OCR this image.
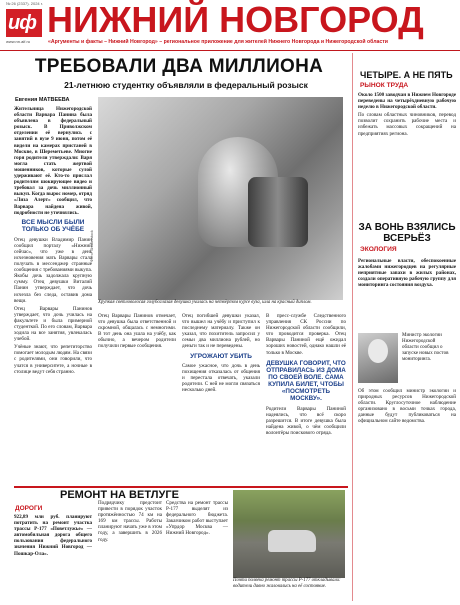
№ 26 (2337). 2024 г.
иф
www.nn.aif.ru
НИЖНИЙ НОВГОРОД
«Аргументы и факты – Нижний Новгород» – региональное приложение для жителей Нижнего Новгорода и Нижегородской области
ТРЕБОВАЛИ ДВА МИЛЛИОНА
21-летнюю студентку объявляли в федеральный розыск
Евгения МАТВЕЕВА
Жительница Нижегородской области Варвара Панина была объявлена в федеральный розыск. В Приволжском отделении её вернулись с занятий в вузе 9 июня, потом её видели на камерах пристаней в Москве, в Шереметьеве. Многие горя родители утверждали: Варя могла стать жертвой мошенников, которые сулой удерживают её. Кто-то прислал родителям шокирующее видео и требовал за дочь миллионный выкуп. Когда вырос номер, отряд «Лиза Алерт» сообщил, что Варвара найдена живой, подробности не уточнялись.
ВСЕ МЫСЛИ БЫЛИ ТОЛЬКО ОБ УЧЁБЕ
Отец девушки Владимир Панин сообщил порталу «Нижний сейчас», что уже в день исчезновения мать Варвары стала получать в мессенджер странные сообщения с требованиями выкупа. Якобы дочь задолжала крупную сумму. Отец девушки Виталий Панин утверждает, что дочь исчезла без следа, оставив дома вещи.
Отец Варвары Панинов утверждает, что дочь училась на факультете и была примерной студенткой. По его словам, Варвара ходила на все занятия, увлекалась учебой.
Учёные знают, что репетиторство помогает молодым людям. На связи с родителями, они говорили, что учатся в университете, а ночные в столице ведут себя странно.
Фото: Shutterstock
Хрупкая светловолосая голубоглазая девушка училась на четвёртом курсе вуза, шла на красный диплом.
Отец Варвары Панинов отмечает, что девушка была ответственной и скромной, общалась с немногими. В тот день она ушла на учёбу, как обычно, а вечером родители получили первые сообщения.
Отец погибшей девушки указал, что вышел на учёбу и приступил к последнему материалу. Также он указал, что похититель запросил у семьи два миллиона рублей, но деньги так и не переведены.
УГРОЖАЮТ УБИТЬ
Самое ужасное, что дочь в день похищения отказалась от общения и перестала отвечать, указали родители. С ней не могли связаться несколько дней.
В пресс-службе Следственного управления СК России по Нижегородской области сообщили, что проводится проверка. Отец Варвары Паниной ещё ожидал хороших новостей, однако нашли её только в Москве.
ДЕВУШКА ГОВОРИТ, ЧТО ОТПРАВИЛАСЬ ИЗ ДОМА ПО СВОЕЙ ВОЛЕ. САМА КУПИЛА БИЛЕТ, ЧТОБЫ «ПОСМОТРЕТЬ МОСКВУ».
Родители Варвары Паниной надеялись, что всё скоро разрешится. В итоге девушка была найдена живой, о чём сообщили волонтёры поискового отряда.
ЧЕТЫРЕ. А НЕ ПЯТЬ
РЫНОК ТРУДА
Около 1500 заводчан в Нижнем Новгороде переведены на четырёхдневную рабочую неделю в Нижегородской области.
По словам областных чиновников, перевод позволит сохранить рабочие места и избежать массовых сокращений на предприятиях региона.
ЗА ВОНЬ ВЗЯЛИСЬ ВСЕРЬЁЗ
ЭКОЛОГИЯ
Региональные власти, обеспокоенные жалобами нижегородцев на регулярные неприятные запахи в жилых районах, создали оперативную рабочую группу для мониторинга состояния воздуха.
Министр экологии Нижегородской области сообщил о запуске новых постов мониторинга.
Об этом сообщил министр экологии и природных ресурсов Нижегородской области. Круглосуточное наблюдение организовано в восьми точках города, данные будут публиковаться на официальном сайте ведомства.
РЕМОНТ НА ВЕТЛУГЕ
ДОРОГИ
922,89 млн руб. планируют потратить на ремонт участка трассы Р-177 «Поветлужье» — автомобильная дорога общего пользования федерального значения Нижний Новгород — Пошкар-Ола».
Подрядчику предстоит привести в порядок участок протяжённостью 74 км на 169 км трассы. Работы планируют начать уже в этом году, а завершить в 2026 году.
Средства на ремонт трассы Р-177 выделят из федерального бюджета. Заказчиком работ выступает «Упрдор Москва — Нижний Новгород».
Почти полвека ремонт трассы Р-177 откладывали: водители давно жаловались на её состояние.
